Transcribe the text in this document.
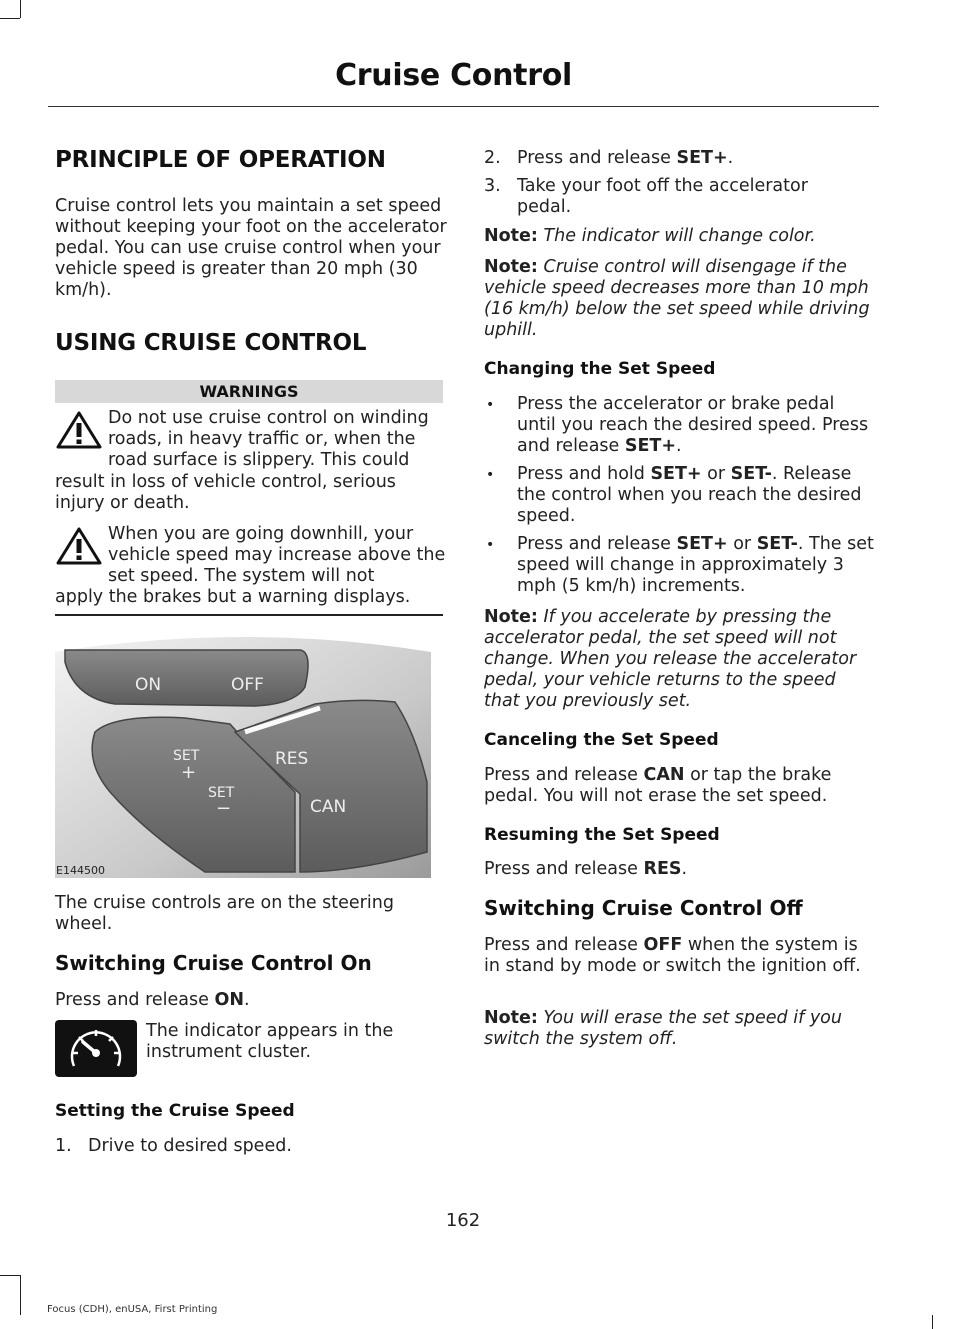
Cruise Control
PRINCIPLE OF OPERATION
Cruise control lets you maintain a set speed without keeping your foot on the accelerator pedal. You can use cruise control when your vehicle speed is greater than 20 mph (30 km/h).
USING CRUISE CONTROL
WARNINGS
Do not use cruise control on winding roads, in heavy traffic or, when the road surface is slippery. This could
result in loss of vehicle control, serious injury or death.
When you are going downhill, your vehicle speed may increase above the set speed. The system will not
apply the brakes but a warning displays.
ON	OFF
SET
+
SET
−
RES
CAN
E144500
The cruise controls are on the steering wheel.
Switching Cruise Control On
Press and release ON.
The indicator appears in the instrument cluster.
Setting the Cruise Speed
1. Drive to desired speed.
2. Press and release SET+.
3. Take your foot off the accelerator pedal.
Note: The indicator will change color.
Note: Cruise control will disengage if the vehicle speed decreases more than 10 mph (16 km/h) below the set speed while driving uphill.
Changing the Set Speed
• Press the accelerator or brake pedal until you reach the desired speed. Press and release SET+.
• Press and hold SET+ or SET-. Release the control when you reach the desired speed.
• Press and release SET+ or SET-. The set speed will change in approximately 3 mph (5 km/h) increments.
Note: If you accelerate by pressing the accelerator pedal, the set speed will not change. When you release the accelerator pedal, your vehicle returns to the speed that you previously set.
Canceling the Set Speed
Press and release CAN or tap the brake pedal. You will not erase the set speed.
Resuming the Set Speed
Press and release RES.
Switching Cruise Control Off
Press and release OFF when the system is in stand by mode or switch the ignition off.
Note: You will erase the set speed if you switch the system off.
162
Focus (CDH), enUSA, First Printing
